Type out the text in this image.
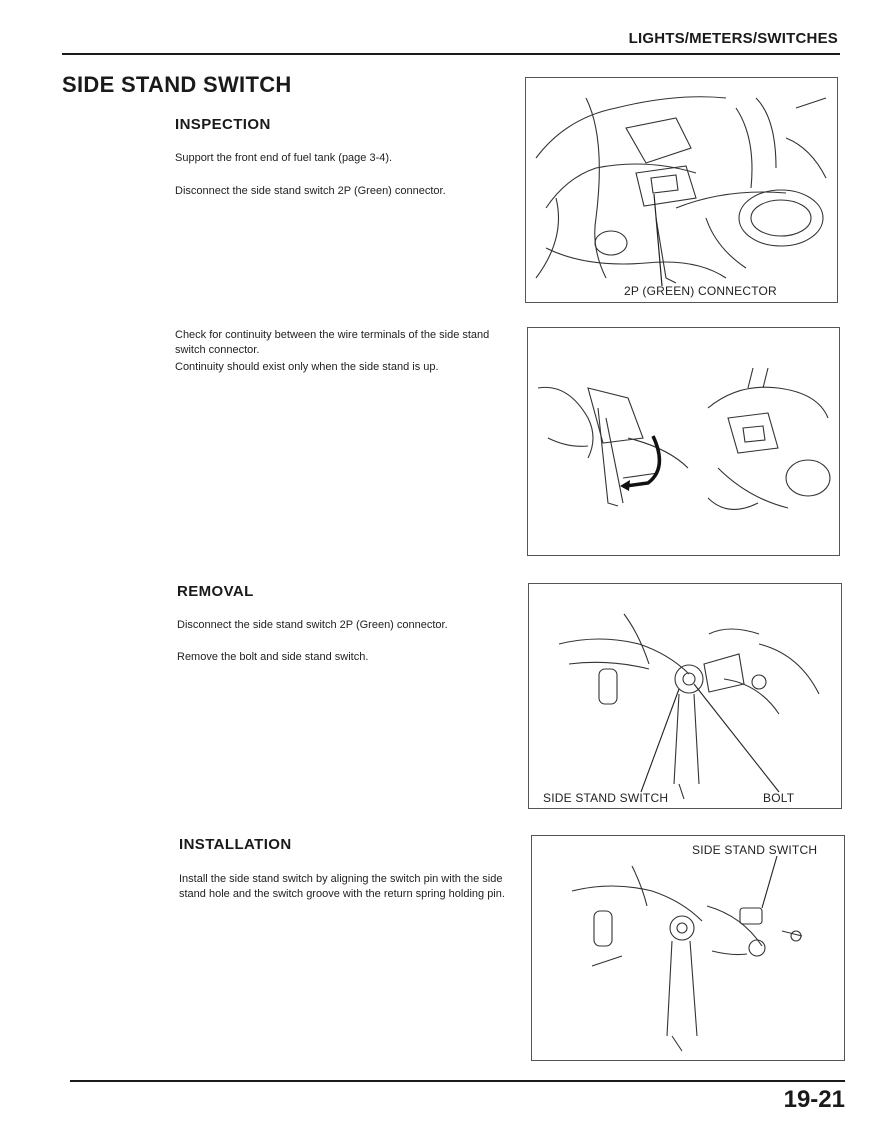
LIGHTS/METERS/SWITCHES
SIDE STAND SWITCH
INSPECTION
Support the front end of fuel tank (page 3-4).
Disconnect the side stand switch 2P (Green) connector.
2P (GREEN) CONNECTOR
Check for continuity between the wire terminals of the side stand switch connector.
Continuity should exist only when the side stand is up.
REMOVAL
Disconnect the side stand switch 2P (Green) connector.
Remove the bolt and side stand switch.
SIDE STAND SWITCH	BOLT
INSTALLATION
Install the side stand switch by aligning the switch pin with the side stand hole and the switch groove with the return spring holding pin.
SIDE STAND SWITCH
19-21
